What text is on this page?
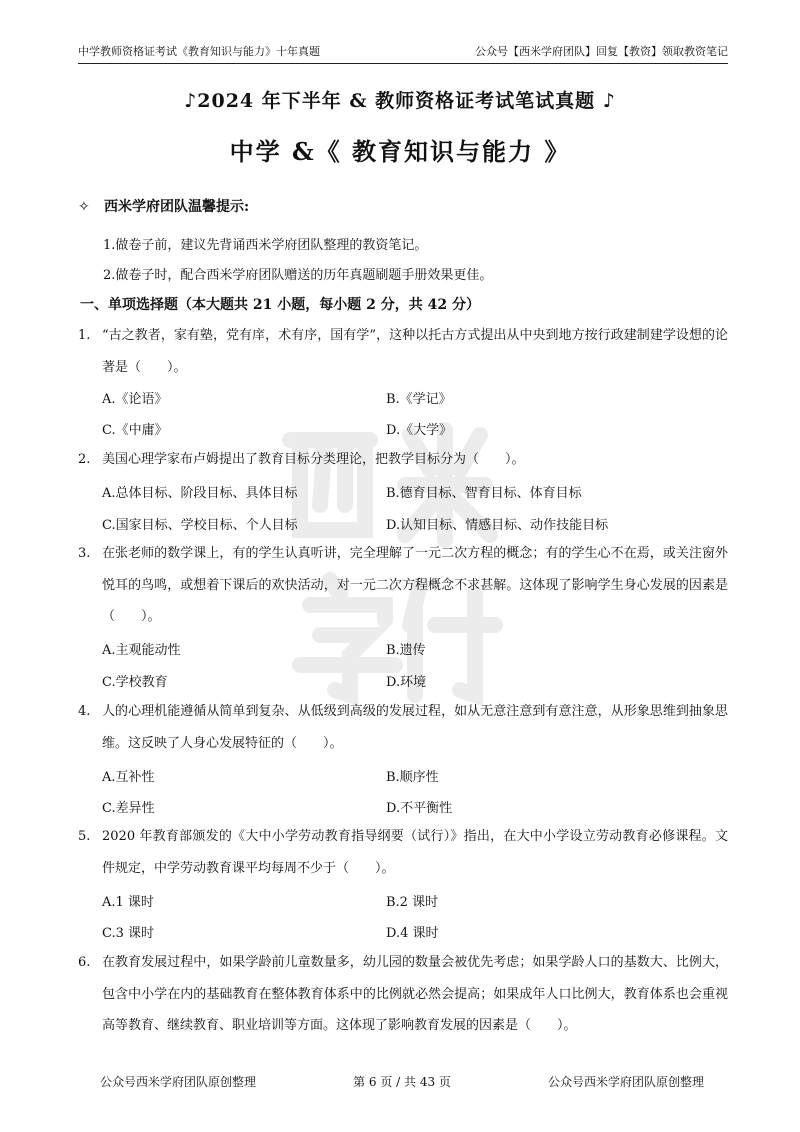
中学教师资格证考试《教育知识与能力》十年真题	公众号【西米学府团队】回复【教资】领取教资笔记
♪2024 年下半年 & 教师资格证考试笔试真题 ♪
中学 &《 教育知识与能力 》
✧ 西米学府团队温馨提示:
1.做卷子前，建议先背诵西米学府团队整理的教资笔记。
2.做卷子时，配合西米学府团队赠送的历年真题刷题手册效果更佳。
一、单项选择题（本大题共 21 小题，每小题 2 分，共 42 分）
1. “古之教者，家有塾，党有庠，术有序，国有学”，这种以托古方式提出从中央到地方按行政建制建学设想的论著是（　　）。
A.《论语》	B.《学记》
C.《中庸》	D.《大学》
2. 美国心理学家布卢姆提出了教育目标分类理论，把教学目标分为（　　）。
A.总体目标、阶段目标、具体目标	B.德育目标、智育目标、体育目标
C.国家目标、学校目标、个人目标	D.认知目标、情感目标、动作技能目标
3. 在张老师的数学课上，有的学生认真听讲，完全理解了一元二次方程的概念；有的学生心不在焉，或关注窗外悦耳的鸟鸣，或想着下课后的欢快活动，对一元二次方程概念不求甚解。这体现了影响学生身心发展的因素是（　　）。
A.主观能动性	B.遗传
C.学校教育	D.环境
4. 人的心理机能遵循从简单到复杂、从低级到高级的发展过程，如从无意注意到有意注意，从形象思维到抽象思维。这反映了人身心发展特征的（　　）。
A.互补性	B.顺序性
C.差异性	D.不平衡性
5. 2020 年教育部颁发的《大中小学劳动教育指导纲要（试行）》指出，在大中小学设立劳动教育必修课程。文件规定，中学劳动教育课平均每周不少于（　　）。
A.1 课时	B.2 课时
C.3 课时	D.4 课时
6. 在教育发展过程中，如果学龄前儿童数量多，幼儿园的数量会被优先考虑；如果学龄人口的基数大、比例大，包含中小学在内的基础教育在整体教育体系中的比例就必然会提高；如果成年人口比例大，教育体系也会重视高等教育、继续教育、职业培训等方面。这体现了影响教育发展的因素是（　　）。
公众号西米学府团队原创整理	第 6 页 / 共 43 页	公众号西米学府团队原创整理
